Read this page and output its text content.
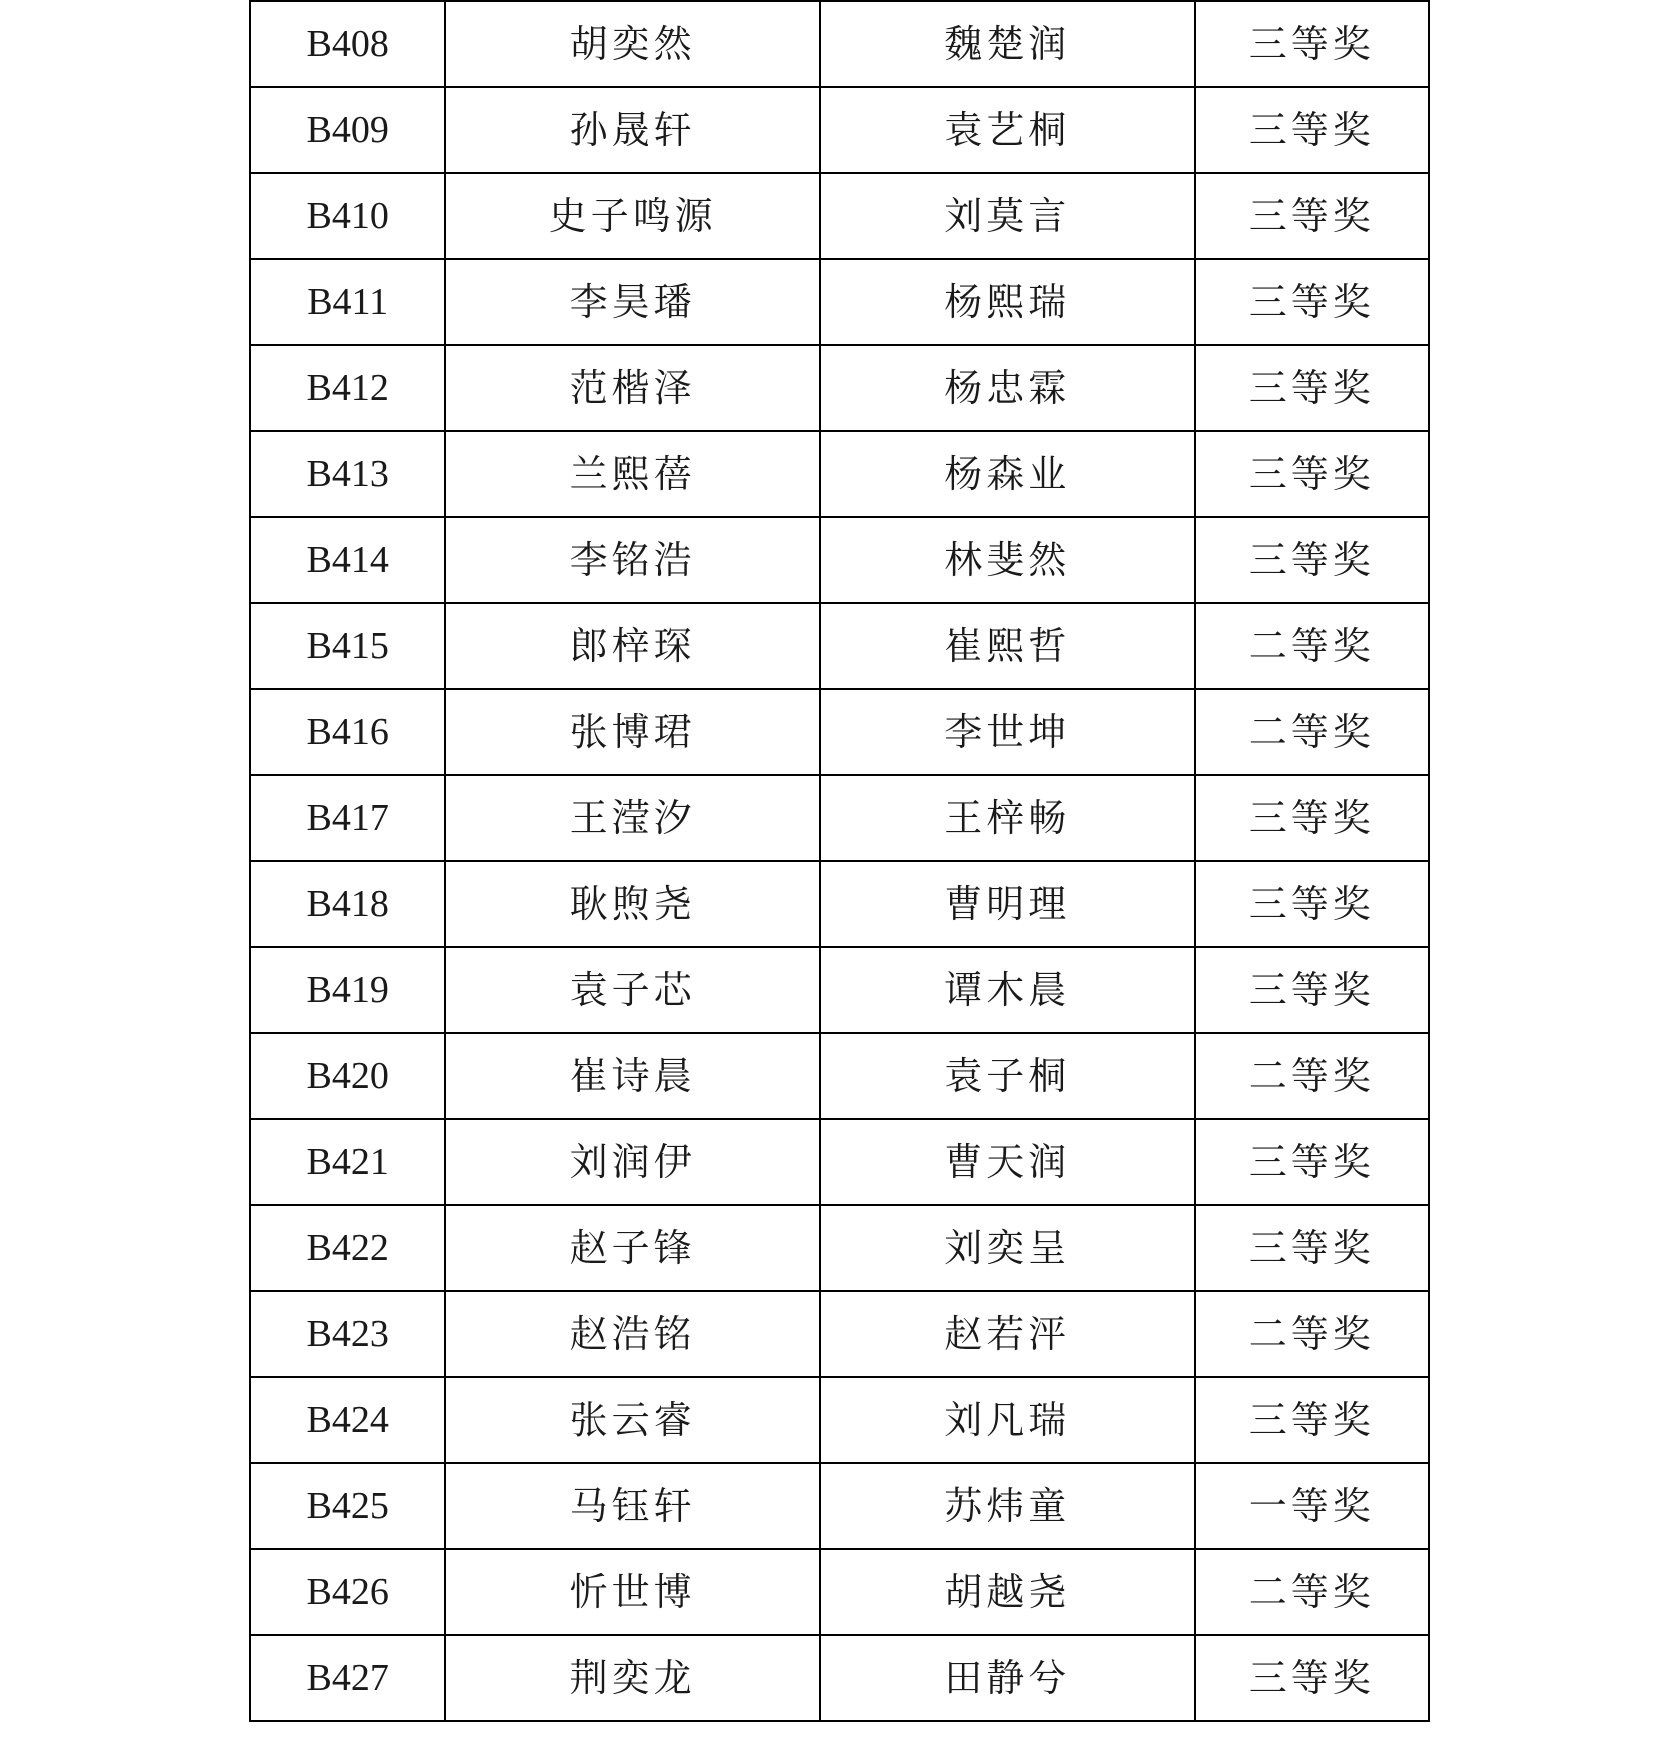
B408	胡奕然	魏楚润	三等奖
B409	孙晟轩	袁艺桐	三等奖
B410	史子鸣源	刘莫言	三等奖
B411	李昊璠	杨熙瑞	三等奖
B412	范楷泽	杨忠霖	三等奖
B413	兰熙蓓	杨森业	三等奖
B414	李铭浩	林斐然	三等奖
B415	郎梓琛	崔熙哲	二等奖
B416	张博珺	李世坤	二等奖
B417	王滢汐	王梓畅	三等奖
B418	耿煦尧	曹明理	三等奖
B419	袁子芯	谭木晨	三等奖
B420	崔诗晨	袁子桐	二等奖
B421	刘润伊	曹天润	三等奖
B422	赵子锋	刘奕呈	三等奖
B423	赵浩铭	赵若泙	二等奖
B424	张云睿	刘凡瑞	三等奖
B425	马钰轩	苏炜童	一等奖
B426	忻世博	胡越尧	二等奖
B427	荆奕龙	田静兮	三等奖
